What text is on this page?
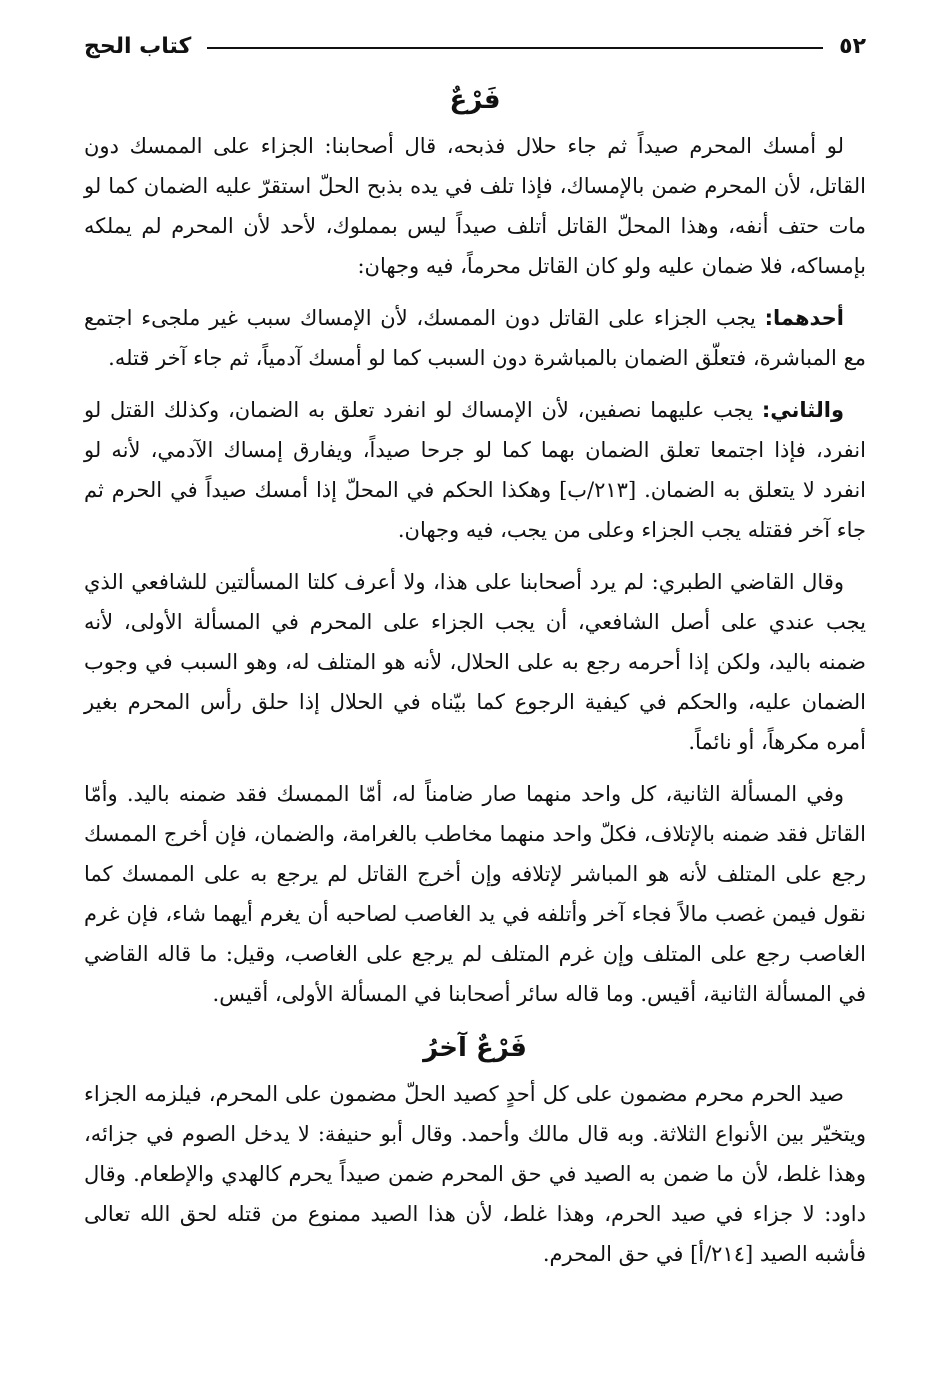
٥٢
كتاب الحج
فَرْعٌ

لو أمسك المحرم صيداً ثم جاء حلال فذبحه، قال أصحابنا: الجزاء على الممسك دون القاتل، لأن المحرم ضمن بالإمساك، فإذا تلف في يده بذبح الحلّ استقرّ عليه الضمان كما لو مات حتف أنفه، وهذا المحلّ القاتل أتلف صيداً ليس بمملوك، لأحد لأن المحرم لم يملكه بإمساكه، فلا ضمان عليه ولو كان القاتل محرماً، فيه وجهان:

أحدهما: يجب الجزاء على القاتل دون الممسك، لأن الإمساك سبب غير ملجىء اجتمع مع المباشرة، فتعلّق الضمان بالمباشرة دون السبب كما لو أمسك آدمياً، ثم جاء آخر قتله.

والثاني: يجب عليهما نصفين، لأن الإمساك لو انفرد تعلق به الضمان، وكذلك القتل لو انفرد، فإذا اجتمعا تعلق الضمان بهما كما لو جرحا صيداً، ويفارق إمساك الآدمي، لأنه لو انفرد لا يتعلق به الضمان. [٢١٣/ب] وهكذا الحكم في المحلّ إذا أمسك صيداً في الحرم ثم جاء آخر فقتله يجب الجزاء وعلى من يجب، فيه وجهان.

وقال القاضي الطبري: لم يرد أصحابنا على هذا، ولا أعرف كلتا المسألتين للشافعي الذي يجب عندي على أصل الشافعي، أن يجب الجزاء على المحرم في المسألة الأولى، لأنه ضمنه باليد، ولكن إذا أحرمه رجع به على الحلال، لأنه هو المتلف له، وهو السبب في وجوب الضمان عليه، والحكم في كيفية الرجوع كما بيّناه في الحلال إذا حلق رأس المحرم بغير أمره مكرهاً، أو نائماً.

وفي المسألة الثانية، كل واحد منهما صار ضامناً له، أمّا الممسك فقد ضمنه باليد. وأمّا القاتل فقد ضمنه بالإتلاف، فكلّ واحد منهما مخاطب بالغرامة، والضمان، فإن أخرج الممسك رجع على المتلف لأنه هو المباشر لإتلافه وإن أخرج القاتل لم يرجع به على الممسك كما نقول فيمن غصب مالاً فجاء آخر وأتلفه في يد الغاصب لصاحبه أن يغرم أيهما شاء، فإن غرم الغاصب رجع على المتلف وإن غرم المتلف لم يرجع على الغاصب، وقيل: ما قاله القاضي في المسألة الثانية، أقيس. وما قاله سائر أصحابنا في المسألة الأولى، أقيس.

فَرْعٌ آخرُ

صيد الحرم محرم مضمون على كل أحدٍ كصيد الحلّ مضمون على المحرم، فيلزمه الجزاء ويتخيّر بين الأنواع الثلاثة. وبه قال مالك وأحمد. وقال أبو حنيفة: لا يدخل الصوم في جزائه، وهذا غلط، لأن ما ضمن به الصيد في حق المحرم ضمن صيداً يحرم كالهدي والإطعام. وقال داود: لا جزاء في صيد الحرم، وهذا غلط، لأن هذا الصيد ممنوع من قتله لحق الله تعالى فأشبه الصيد [٢١٤/أ] في حق المحرم.
